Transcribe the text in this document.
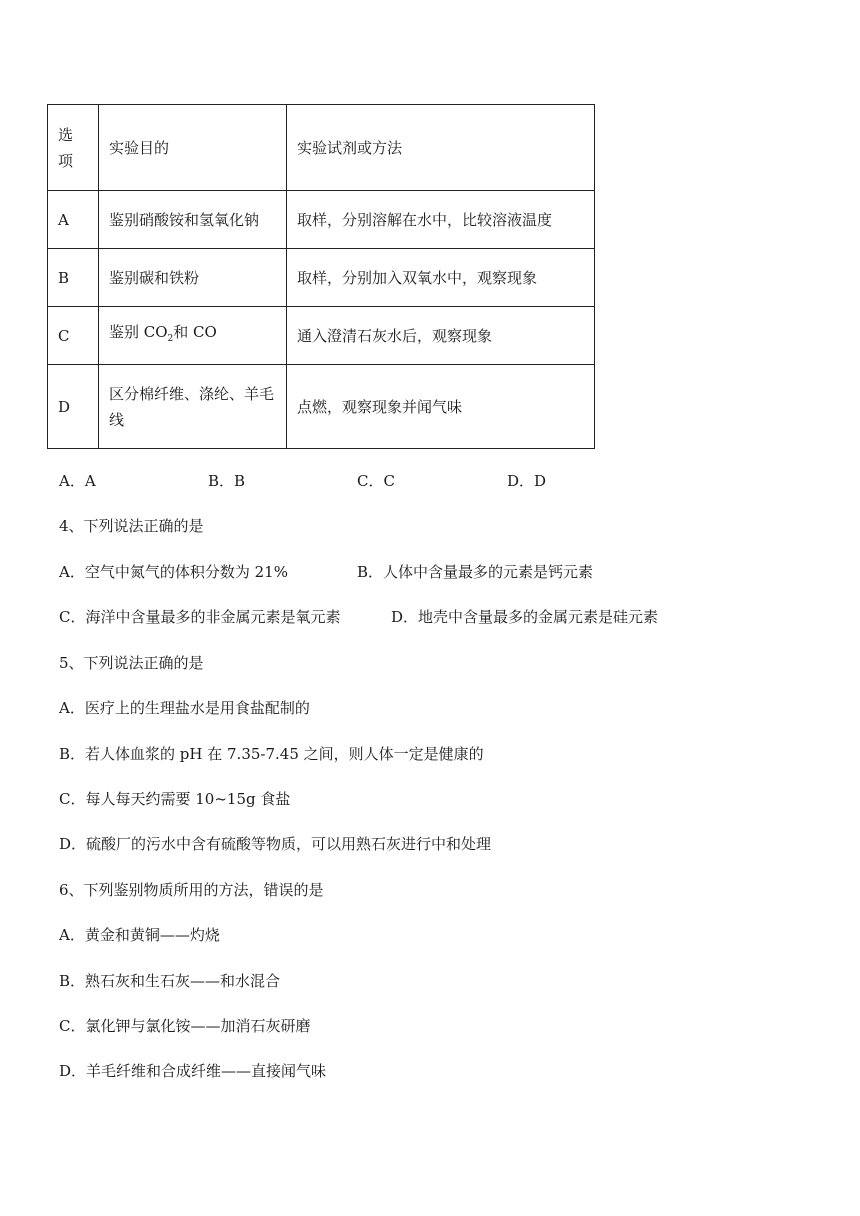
选
项	实验目的	实验试剂或方法
A	鉴别硝酸铵和氢氧化钠	取样，分别溶解在水中，比较溶液温度
B	鉴别碳和铁粉	取样，分别加入双氧水中，观察现象
C	鉴别 $CO_2$和 CO	通入澄清石灰水后，观察现象
D	区分棉纤维、涤纶、羊毛线	点燃，观察现象并闻气味
A．A	B．B	C．C	D．D
4、下列说法正确的是
A．空气中氮气的体积分数为 21%	B．人体中含量最多的元素是钙元素
C．海洋中含量最多的非金属元素是氧元素	D．地壳中含量最多的金属元素是硅元素
5、下列说法正确的是
A．医疗上的生理盐水是用食盐配制的
B．若人体血浆的 pH 在 7.35-7.45 之间，则人体一定是健康的
C．每人每天约需要 10~15g 食盐
D．硫酸厂的污水中含有硫酸等物质，可以用熟石灰进行中和处理
6、下列鉴别物质所用的方法，错误的是
A．黄金和黄铜——灼烧
B．熟石灰和生石灰——和水混合
C．氯化钾与氯化铵——加消石灰研磨
D．羊毛纤维和合成纤维——直接闻气味
